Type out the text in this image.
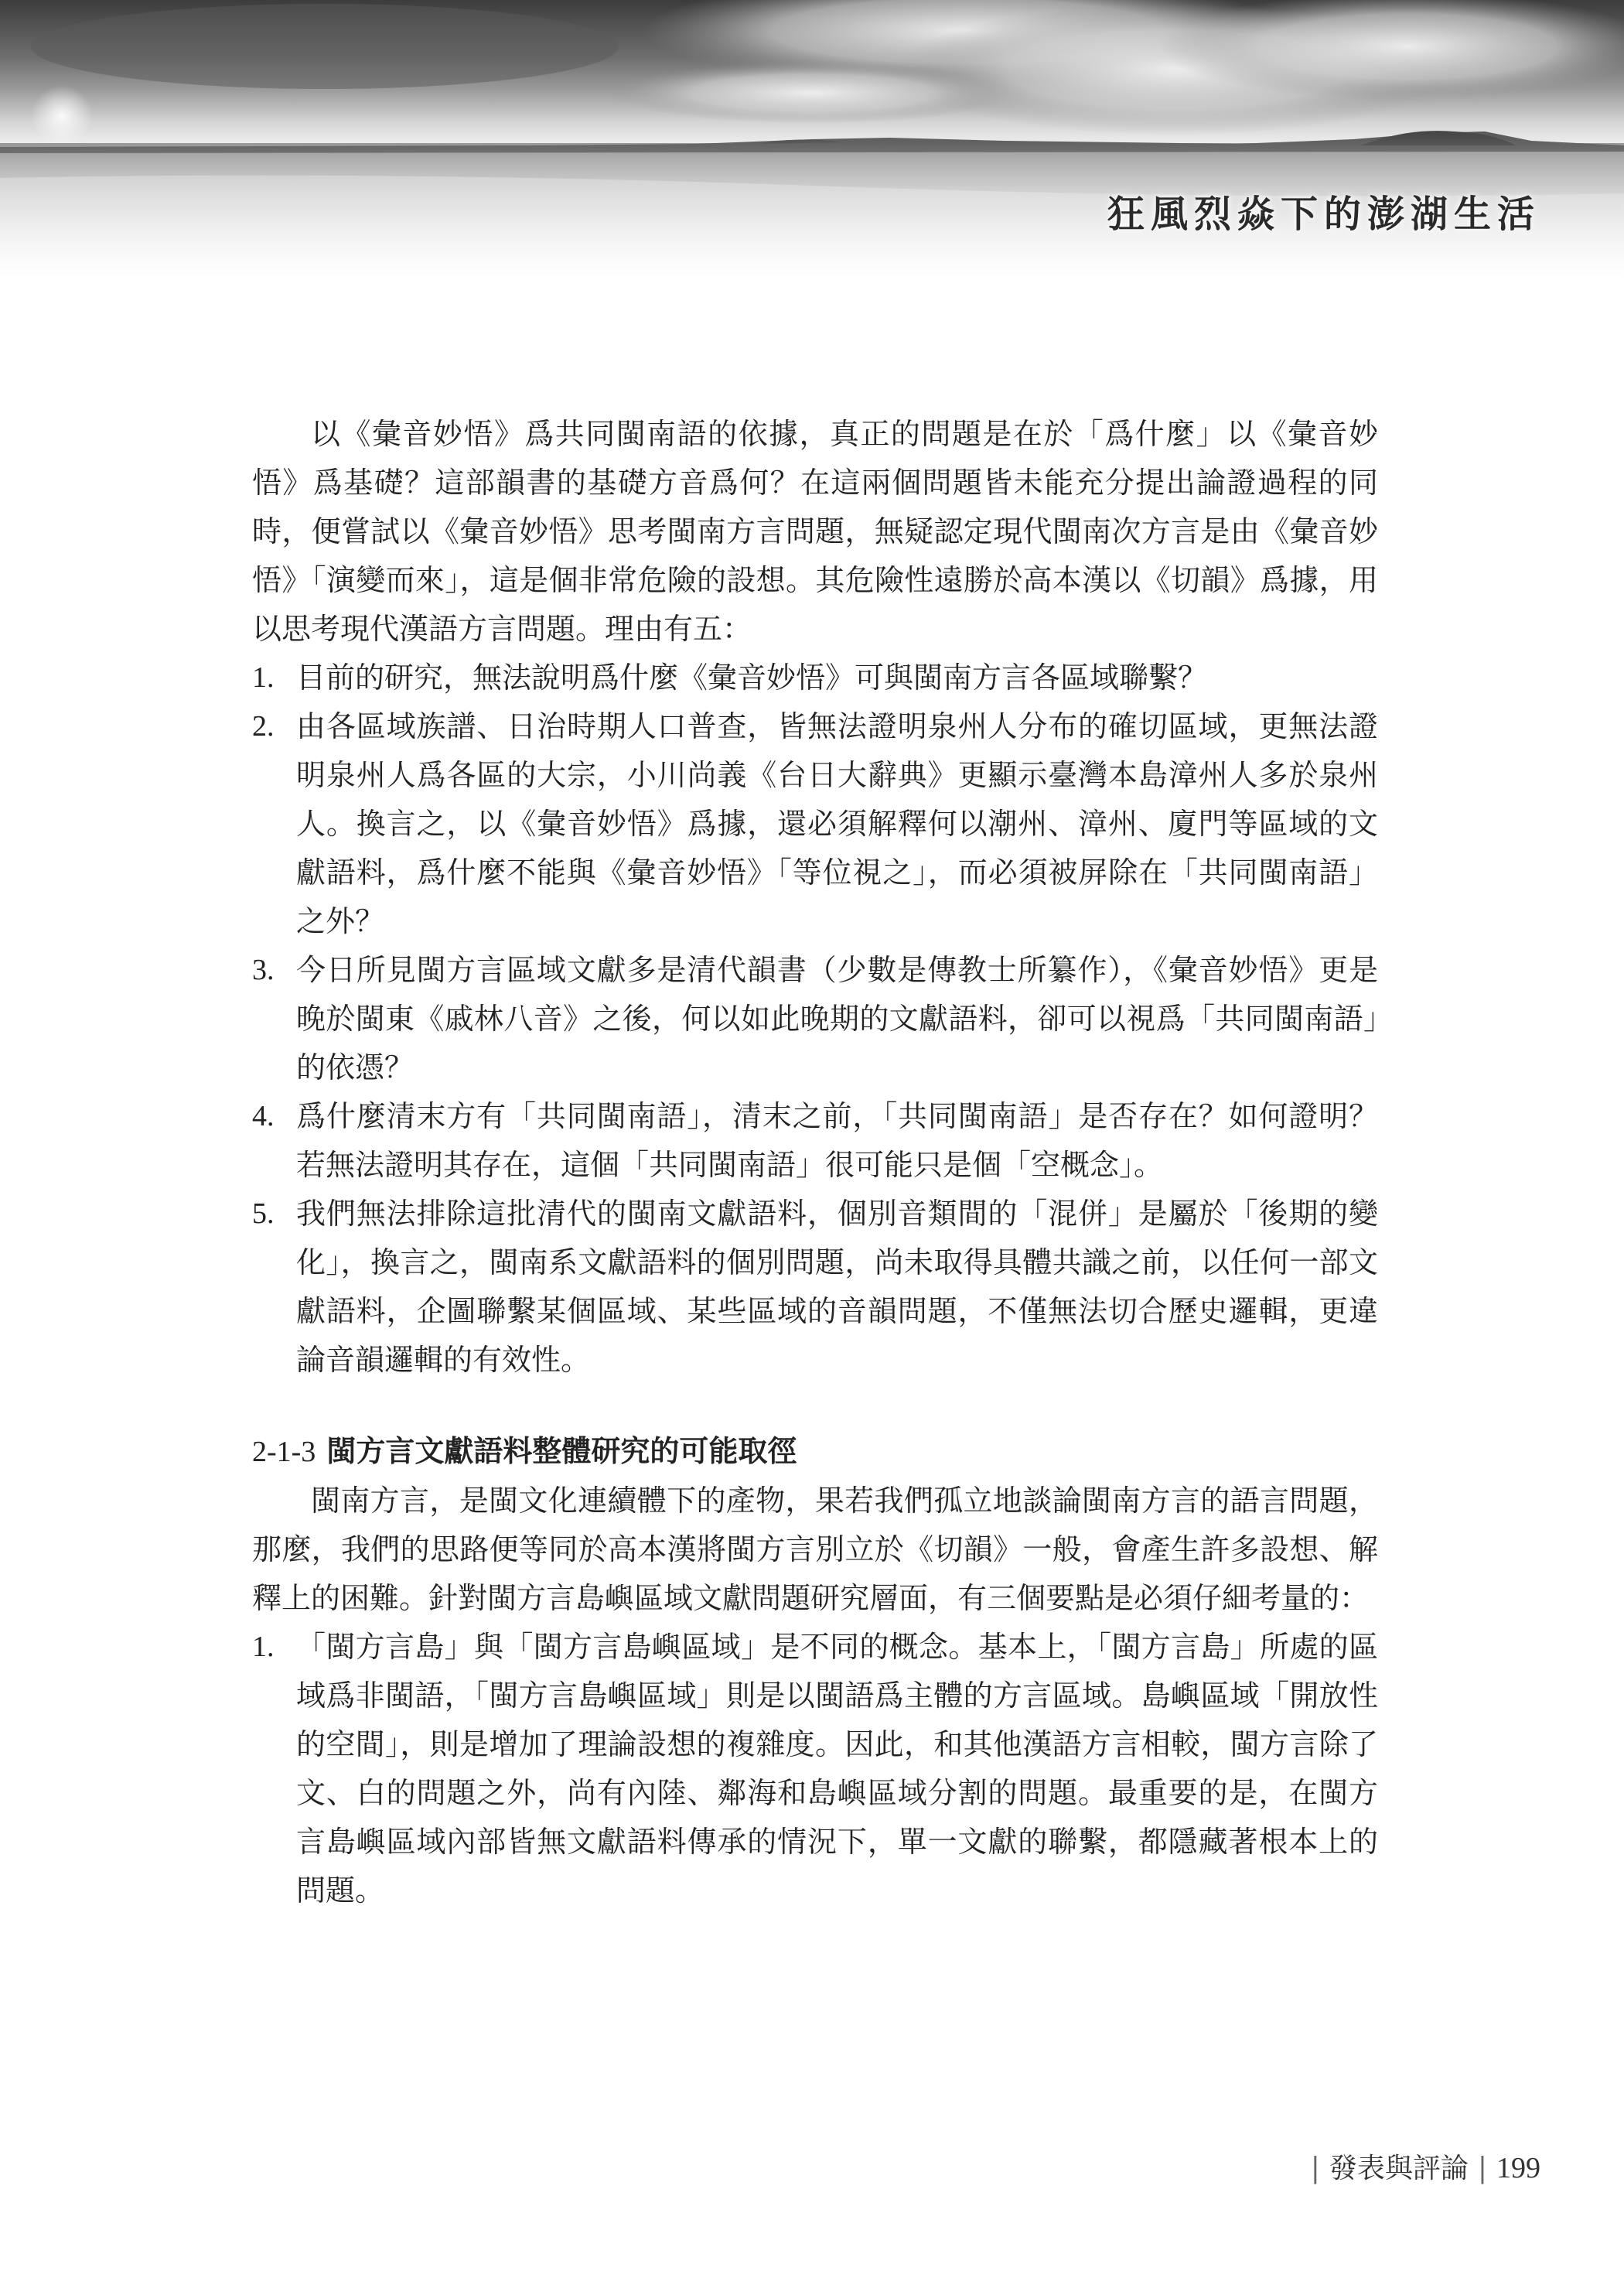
狂風烈焱下的澎湖生活

以《彙音妙悟》爲共同閩南語的依據，真正的問題是在於「爲什麼」以《彙音妙悟》爲基礎？這部韻書的基礎方音爲何？在這兩個問題皆未能充分提出論證過程的同時，便嘗試以《彙音妙悟》思考閩南方言問題，無疑認定現代閩南次方言是由《彙音妙悟》「演變而來」，這是個非常危險的設想。其危險性遠勝於高本漢以《切韻》爲據，用以思考現代漢語方言問題。理由有五：

1. 目前的研究，無法說明爲什麼《彙音妙悟》可與閩南方言各區域聯繫？
2. 由各區域族譜、日治時期人口普查，皆無法證明泉州人分布的確切區域，更無法證明泉州人爲各區的大宗，小川尚義《台日大辭典》更顯示臺灣本島漳州人多於泉州人。換言之，以《彙音妙悟》爲據，還必須解釋何以潮州、漳州、廈門等區域的文獻語料，爲什麼不能與《彙音妙悟》「等位視之」，而必須被屏除在「共同閩南語」之外？
3. 今日所見閩方言區域文獻多是清代韻書（少數是傳教士所纂作），《彙音妙悟》更是晚於閩東《戚林八音》之後，何以如此晚期的文獻語料，卻可以視爲「共同閩南語」的依憑？
4. 爲什麼清末方有「共同閩南語」，清末之前，「共同閩南語」是否存在？如何證明？若無法證明其存在，這個「共同閩南語」很可能只是個「空概念」。
5. 我們無法排除這批清代的閩南文獻語料，個別音類間的「混併」是屬於「後期的變化」，換言之，閩南系文獻語料的個別問題，尚未取得具體共識之前，以任何一部文獻語料，企圖聯繫某個區域、某些區域的音韻問題，不僅無法切合歷史邏輯，更違論音韻邏輯的有效性。

2-1-3 閩方言文獻語料整體研究的可能取徑

閩南方言，是閩文化連續體下的產物，果若我們孤立地談論閩南方言的語言問題，那麼，我們的思路便等同於高本漢將閩方言別立於《切韻》一般，會產生許多設想、解釋上的困難。針對閩方言島嶼區域文獻問題研究層面，有三個要點是必須仔細考量的：

1. 「閩方言島」與「閩方言島嶼區域」是不同的概念。基本上，「閩方言島」所處的區域爲非閩語，「閩方言島嶼區域」則是以閩語爲主體的方言區域。島嶼區域「開放性的空間」，則是增加了理論設想的複雜度。因此，和其他漢語方言相較，閩方言除了文、白的問題之外，尚有內陸、鄰海和島嶼區域分割的問題。最重要的是，在閩方言島嶼區域內部皆無文獻語料傳承的情況下，單一文獻的聯繫，都隱藏著根本上的問題。
| 發表與評論 | 199
